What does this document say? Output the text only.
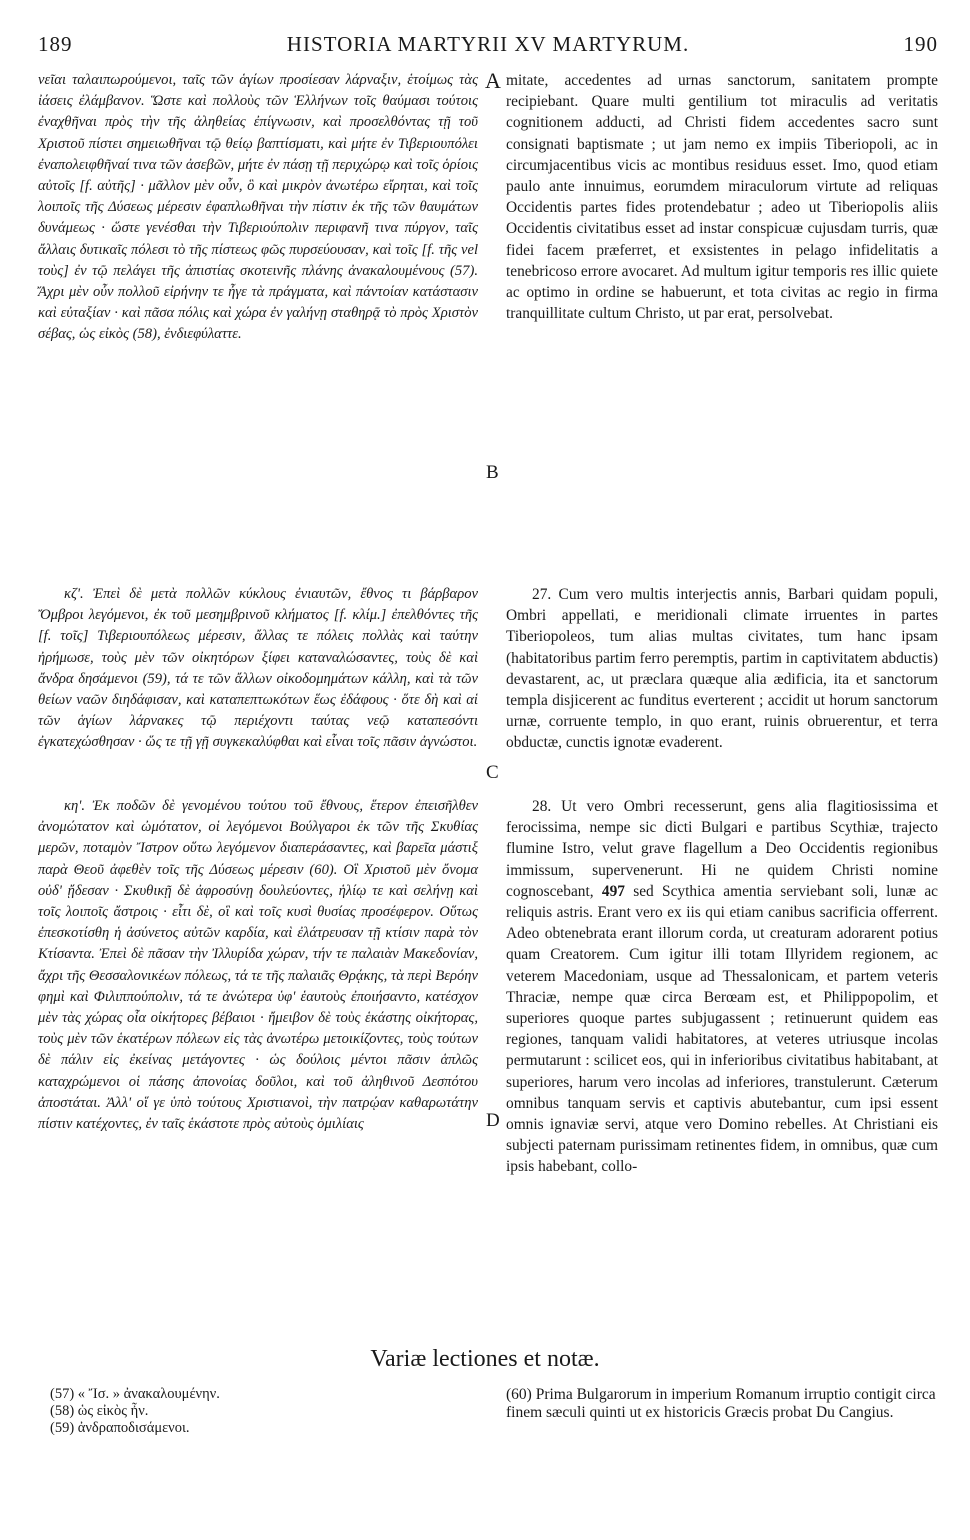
189	HISTORIA MARTYRII XV MARTYRUM.	190

νεῖαι ταλαιπωρούμενοι, ταῖς τῶν ἁγίων προσίεσαν λάρναξιν, ἑτοίμως τὰς ἰάσεις ἐλάμβανον. Ὥστε καὶ πολλοὺς τῶν Ἑλλήνων τοῖς θαύμασι τούτοις ἐναχθῆναι πρὸς τὴν τῆς ἀληθείας ἐπίγνωσιν, καὶ προσελθόντας τῇ τοῦ Χριστοῦ πίστει σημειωθῆναι τῷ θείῳ βαπτίσματι, καὶ μήτε ἐν Τιβεριουπόλει ἐναπολειφθῆναί τινα τῶν ἀσεβῶν, μήτε ἐν πάσῃ τῇ περιχώρῳ καὶ τοῖς ὁρίοις αὐτοῖς [f. αὐτῆς] · μᾶλλον μὲν οὖν, ὃ καὶ μικρὸν ἀνωτέρω εἴρηται, καὶ τοῖς λοιποῖς τῆς Δύσεως μέρεσιν ἐφαπλωθῆναι τὴν πίστιν ἐκ τῆς τῶν θαυμάτων δυνάμεως · ὥστε γενέσθαι τὴν Τιβεριούπολιν περιφανῆ τινα πύργον, ταῖς ἄλλαις δυτικαῖς πόλεσι τὸ τῆς πίστεως φῶς πυρσεύουσαν, καὶ τοῖς [f. τῆς vel τοὺς] ἐν τῷ πελάγει τῆς ἀπιστίας σκοτεινῆς πλάνης ἀνακαλουμένους (57). Ἄχρι μὲν οὖν πολλοῦ εἰρήνην τε ἦγε τὰ πράγματα, καὶ πάντοίαν κατάστασιν καὶ εὐταξίαν · καὶ πᾶσα πόλις καὶ χώρα ἐν γαλήνῃ σταθηρᾷ τὸ πρὸς Χριστὸν σέβας, ὡς εἰκὸς (58), ἐνδιεφύλαττε.

κζ'. Ἐπεὶ δὲ μετὰ πολλῶν κύκλους ἐνιαυτῶν, ἔθνος τι βάρβαρον Ὄμβροι λεγόμενοι, ἐκ τοῦ μεσημβρινοῦ κλήματος [f. κλίμ.] ἐπελθόντες τῆς [f. τοῖς] Τιβεριουπόλεως μέρεσιν, ἄλλας τε πόλεις πολλὰς καὶ ταύτην ἠρήμωσε, τοὺς μὲν τῶν οἰκητόρων ξίφει καταναλώσαντες, τοὺς δὲ καὶ ἄνδρα δησάμενοι (59), τά τε τῶν ἄλλων οἰκοδομημάτων κάλλη, καὶ τὰ τῶν θείων ναῶν διηδάφισαν, καὶ καταπεπτωκότων ἕως ἐδάφους · ὅτε δὴ καὶ αἱ τῶν ἁγίων λάρνακες τῷ περιέχοντι ταύτας νεῷ καταπεσόντι ἐγκατεχώσθησαν · ὥς τε τῇ γῇ συγκεκαλύφθαι καὶ εἶναι τοῖς πᾶσιν ἀγνώστοι.

κη'. Ἐκ ποδῶν δὲ γενομένου τούτου τοῦ ἔθνους, ἕτερον ἐπεισῆλθεν ἀνομώτατον καὶ ὠμότατον, οἱ λεγόμενοι Βούλγαροι ἐκ τῶν τῆς Σκυθίας μερῶν, ποταμὸν Ἴστρον οὕτω λεγόμενον διαπεράσαντες, καὶ βαρεῖα μάστιξ παρὰ Θεοῦ ἀφεθὲν τοῖς τῆς Δύσεως μέρεσιν (60). Οἳ Χριστοῦ μὲν ὄνομα οὐδ' ᾔδεσαν · Σκυθικῇ δὲ ἀφροσύνῃ δουλεύοντες, ἡλίῳ τε καὶ σελήνῃ καὶ τοῖς λοιποῖς ἄστροις · εἶτι δὲ, οἳ καὶ τοῖς κυσὶ θυσίας προσέφερον. Οὕτως ἐπεσκοτίσθη ἡ ἀσύνετος αὐτῶν καρδία, καὶ ἐλάτρευσαν τῇ κτίσιν παρὰ τὸν Κτίσαντα. Ἐπεὶ δὲ πᾶσαν τὴν Ἰλλυρίδα χώραν, τήν τε παλαιὰν Μακεδονίαν, ἄχρι τῆς Θεσσαλονικέων πόλεως, τά τε τῆς παλαιᾶς Θρᾴκης, τὰ περὶ Βερόην φημὶ καὶ Φιλιππούπολιν, τά τε ἀνώτερα ὑφ' ἑαυτοὺς ἐποιήσαντο, κατέσχον μὲν τὰς χώρας οἷα οἰκήτορες βέβαιοι · ἤμειβον δὲ τοὺς ἑκάστης οἰκήτορας, τοὺς μὲν τῶν ἑκατέρων πόλεων εἰς τὰς ἀνωτέρω μετοικίζοντες, τοὺς τούτων δὲ πάλιν εἰς ἐκείνας μετάγοντες · ὡς δούλοις μέντοι πᾶσιν ἁπλῶς καταχρώμενοι οἱ πάσης ἀπονοίας δοῦλοι, καὶ τοῦ ἀληθινοῦ Δεσπότου ἀποστάται. Ἀλλ' οἵ γε ὑπὸ τούτους Χριστιανοὶ, τὴν πατρῴαν καθαρωτάτην πίστιν κατέχοντες, ἐν ταῖς ἑκάστοτε πρὸς αὐτοὺς ὁμιλίαις

A
B
C
D

mitate, accedentes ad urnas sanctorum, sanitatem prompte recipiebant. Quare multi gentilium tot miraculis ad veritatis cognitionem adducti, ad Christi fidem accedentes sacro sunt consignati baptismate ; ut jam nemo ex impiis Tiberiopoli, ac in circumjacentibus vicis ac montibus residuus esset. Imo, quod etiam paulo ante innuimus, eorumdem miraculorum virtute ad reliquas Occidentis partes fides protendebatur ; adeo ut Tiberiopolis aliis Occidentis civitatibus esset ad instar conspicuæ cujusdam turris, quæ fidei facem præferret, et exsistentes in pelago infidelitatis a tenebricoso errore avocaret. Ad multum igitur temporis res illic quiete ac optimo in ordine se habuerunt, et tota civitas ac regio in firma tranquillitate cultum Christo, ut par erat, persolvebat.

27. Cum vero multis interjectis annis, Barbari quidam populi, Ombri appellati, e meridionali climate irruentes in partes Tiberiopoleos, tum alias multas civitates, tum hanc ipsam (habitatoribus partim ferro peremptis, partim in captivitatem abductis) devastarent, ac, ut præclara quæque alia ædificia, ita et sanctorum templa disjicerent ac funditus everterent ; accidit ut horum sanctorum urnæ, corruente templo, in quo erant, ruinis obruerentur, et terra obductæ, cunctis ignotæ evaderent.

28. Ut vero Ombri recesserunt, gens alia flagitiosissima et ferocissima, nempe sic dicti Bulgari e partibus Scythiæ, trajecto flumine Istro, velut grave flagellum a Deo Occidentis regionibus immissum, supervenerunt. Hi ne quidem Christi nomine cognoscebant, 497 sed Scythica amentia serviebant soli, lunæ ac reliquis astris. Erant vero ex iis qui etiam canibus sacrificia offerrent. Adeo obtenebrata erant illorum corda, ut creaturam adorarent potius quam Creatorem. Cum igitur illi totam Illyridem regionem, ac veterem Macedoniam, usque ad Thessalonicam, et partem veteris Thraciæ, nempe quæ circa Berœam est, et Philippopolim, et superiores quoque partes subjugassent ; retinuerunt quidem eas regiones, tanquam validi habitatores, at veteres utriusque incolas permutarunt : scilicet eos, qui in inferioribus civitatibus habitabant, at superiores, harum vero incolas ad inferiores, transtulerunt. Cæterum omnibus tanquam servis et captivis abutebantur, cum ipsi essent omnis ignaviæ servi, atque vero Domino rebelles. At Christiani eis subjecti paternam purissimam retinentes fidem, in omnibus, quæ cum ipsis habebant, collo-

Variæ lectiones et notæ.

(57) « Ἴσ. » ἀνακαλουμένην.

(58) ὡς εἰκὸς ἦν.

(59) ἀνδραποδισάμενοι.

(60) Prima Bulgarorum in imperium Romanum irruptio contigit circa finem sæculi quinti ut ex historicis Græcis probat Du Cangius.
